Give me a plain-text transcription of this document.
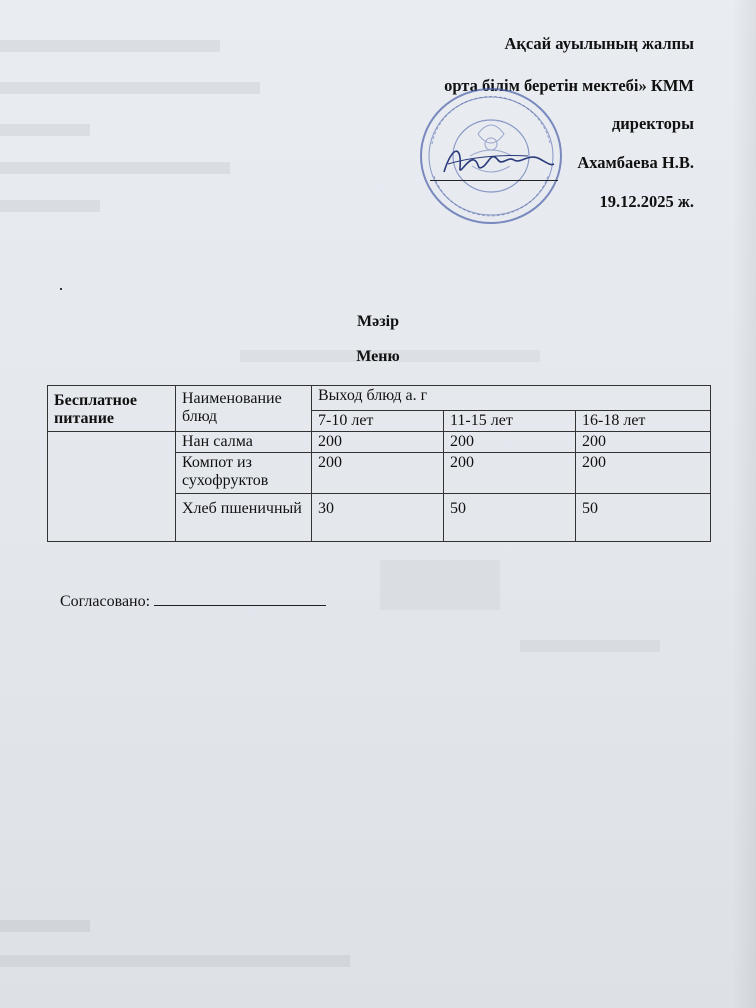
Ақсай ауылының жалпы
орта білім беретін мектебі» КММ
директоры
Ахамбаева Н.В.
19.12.2025 ж.
Мәзір
Меню
Бесплатное питание	Наименование блюд	Выход блюд а. г		
		7-10 лет	11-15 лет	16-18 лет
	Нан салма	200	200	200
	Компот из сухофруктов	200	200	200
	Хлеб пшеничный	30	50	50
Согласовано:
